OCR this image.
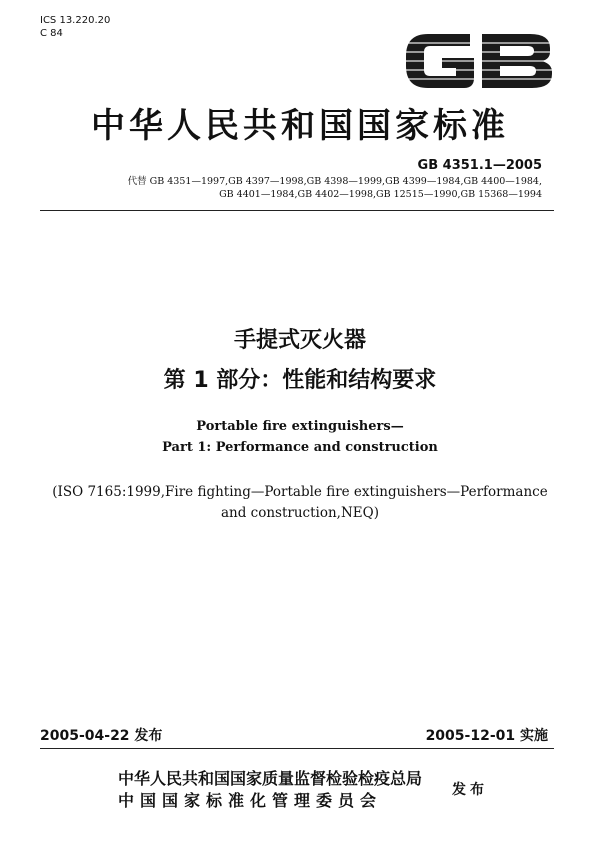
ICS 13.220.20
C 84
中华人民共和国国家标准
GB 4351.1—2005
代替 GB 4351—1997,GB 4397—1998,GB 4398—1999,GB 4399—1984,GB 4400—1984,
GB 4401—1984,GB 4402—1998,GB 12515—1990,GB 15368—1994
手提式灭火器
第 1 部分：性能和结构要求
Portable fire extinguishers—
Part 1: Performance and construction
(ISO 7165:1999,Fire fighting—Portable fire extinguishers—Performance and construction,NEQ)
2005-04-22 发布	2005-12-01 实施
中华人民共和国国家质量监督检验检疫总局
中国国家标准化管理委员会
发布
